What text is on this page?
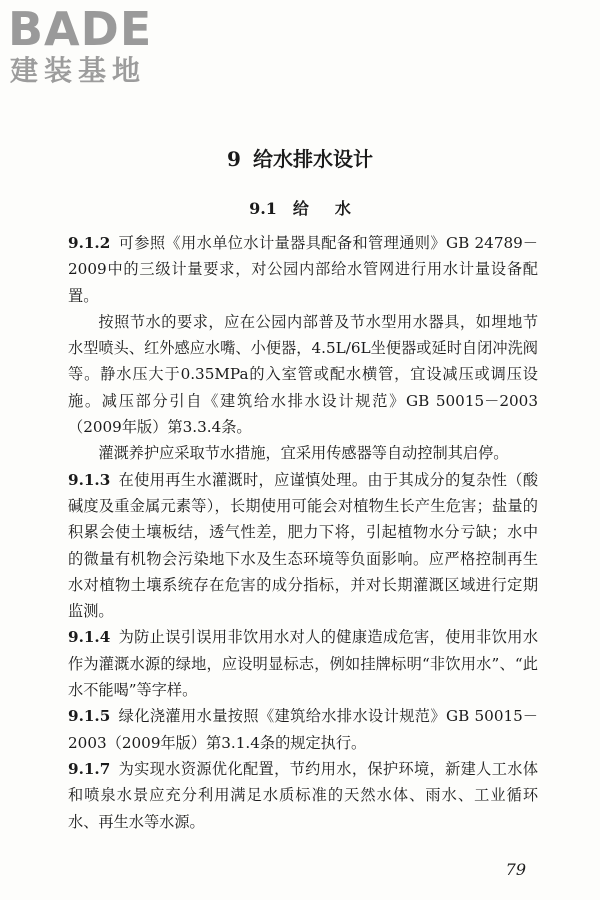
BADE
建装基地
9 给水排水设计
9.1 给 水

9.1.2 可参照《用水单位水计量器具配备和管理通则》GB 24789－2009中的三级计量要求，对公园内部给水管网进行用水计量设备配置。

按照节水的要求，应在公园内部普及节水型用水器具，如埋地节水型喷头、红外感应水嘴、小便器，4.5L/6L坐便器或延时自闭冲洗阀等。静水压大于0.35MPa的入室管或配水横管，宜设减压或调压设施。减压部分引自《建筑给水排水设计规范》GB 50015－2003（2009年版）第3.3.4条。

灌溉养护应采取节水措施，宜采用传感器等自动控制其启停。

9.1.3 在使用再生水灌溉时，应谨慎处理。由于其成分的复杂性（酸碱度及重金属元素等），长期使用可能会对植物生长产生危害；盐量的积累会使土壤板结，透气性差，肥力下将，引起植物水分亏缺；水中的微量有机物会污染地下水及生态环境等负面影响。应严格控制再生水对植物土壤系统存在危害的成分指标，并对长期灌溉区域进行定期监测。

9.1.4 为防止误引误用非饮用水对人的健康造成危害，使用非饮用水作为灌溉水源的绿地，应设明显标志，例如挂牌标明“非饮用水”、“此水不能喝”等字样。

9.1.5 绿化浇灌用水量按照《建筑给水排水设计规范》GB 50015－2003（2009年版）第3.1.4条的规定执行。

9.1.7 为实现水资源优化配置，节约用水，保护环境，新建人工水体和喷泉水景应充分利用满足水质标准的天然水体、雨水、工业循环水、再生水等水源。

79
